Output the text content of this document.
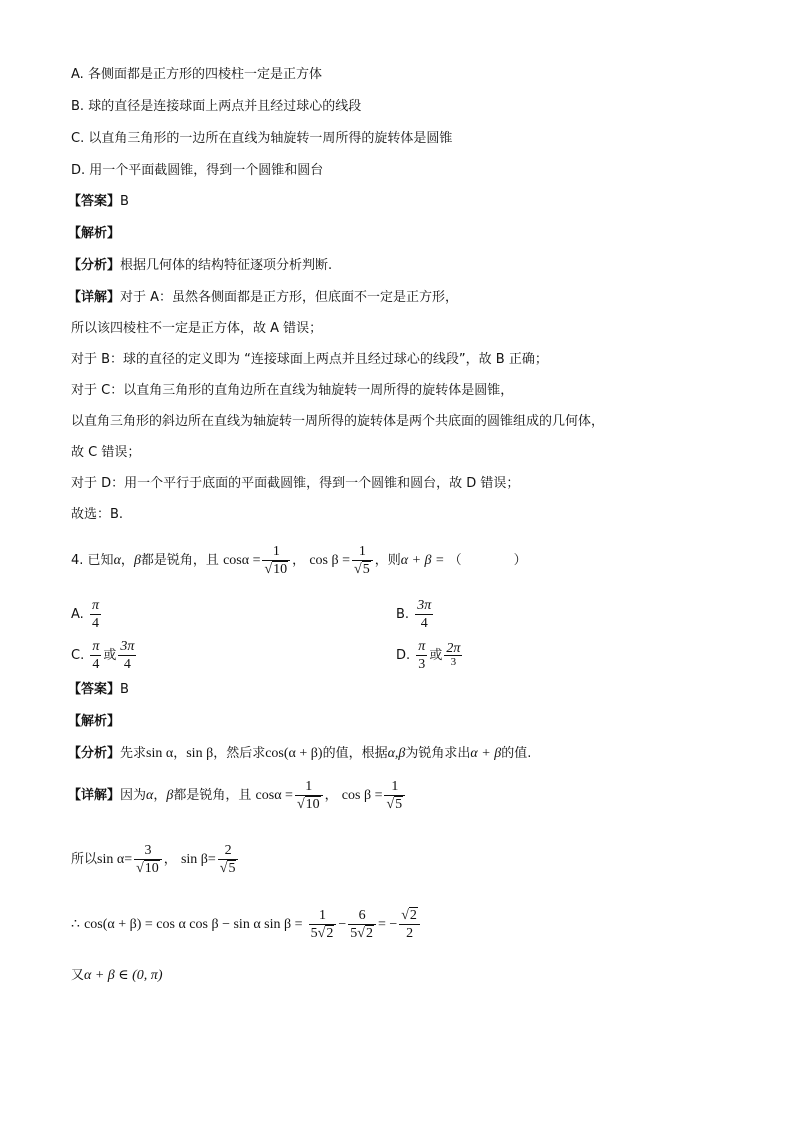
A. 各侧面都是正方形的四棱柱一定是正方体
B. 球的直径是连接球面上两点并且经过球心的线段
C. 以直角三角形的一边所在直线为轴旋转一周所得的旋转体是圆锥
D. 用一个平面截圆锥，得到一个圆锥和圆台
【答案】B
【解析】
【分析】根据几何体的结构特征逐项分析判断.
【详解】对于 A：虽然各侧面都是正方形，但底面不一定是正方形，
所以该四棱柱不一定是正方体，故 A 错误；
对于 B：球的直径的定义即为 “连接球面上两点并且经过球心的线段”，故 B 正确；
对于 C：以直角三角形的直角边所在直线为轴旋转一周所得的旋转体是圆锥，
以直角三角形的斜边所在直线为轴旋转一周所得的旋转体是两个共底面的圆锥组成的几何体，
故 C 错误；
对于 D：用一个平行于底面的平面截圆锥，得到一个圆锥和圆台，故 D 错误；
故选：B.
4. 已知α，β都是锐角，且 $\cos\alpha = \frac{1}{√10}$ ， $\cos \beta = \frac{1}{√5}$ ，则α + β = （	）
A. $\frac{\pi}{4}$	B. $\frac{3\pi}{4}$
C. $\frac{\pi}{4}$ 或 $\frac{3\pi}{4}$	D. $\frac{\pi}{3}$ 或 $\frac{2\pi}{3}$
【答案】B
【解析】
【分析】先求sin α，sin β，然后求cos(α + β)的值，根据α,β为锐角求出α + β的值.
【详解】因为α，β都是锐角，且 $\cos\alpha = \frac{1}{√10}$ ， $\cos \beta = \frac{1}{√5}$
所以$\sin \alpha= \frac{3}{√10}$ ， $\sin \beta= \frac{2}{√5}$
∴ cos(α + β) = cos α cos β − sin α $\sin \beta = \frac{1}{5√2} - \frac{6}{5√2}$ = − $\frac{√2}{2}$
又α + β ∈ (0, π)
